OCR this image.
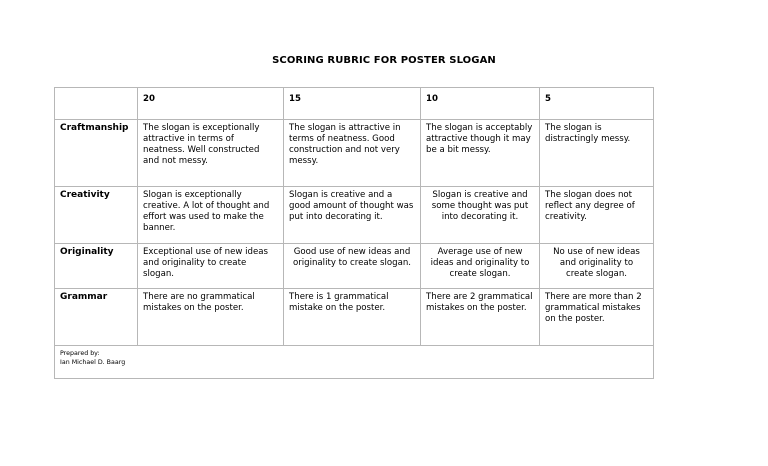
SCORING RUBRIC FOR POSTER SLOGAN
	20	15	10	5
Craftmanship	The slogan is exceptionally attractive in terms of neatness. Well constructed and not messy.	The slogan is attractive in terms of neatness. Good construction and not very messy.	The slogan is acceptably attractive though it may be a bit messy.	The slogan is distractingly messy.
Creativity	Slogan is exceptionally creative. A lot of thought and effort was used to make the banner.	Slogan is creative and a good amount of thought was put into decorating it.	Slogan is creative and some thought was put into decorating it.	The slogan does not reflect any degree of creativity.
Originality	Exceptional use of new ideas and originality to create slogan.	Good use of new ideas and originality to create slogan.	Average use of new ideas and originality to create slogan.	No use of new ideas and originality to create slogan.
Grammar	There are no grammatical mistakes on the poster.	There is 1 grammatical mistake on the poster.	There are 2 grammatical mistakes on the poster.	There are more than 2 grammatical mistakes on the poster.

Prepared by:
Ian Michael D. Baarg				
